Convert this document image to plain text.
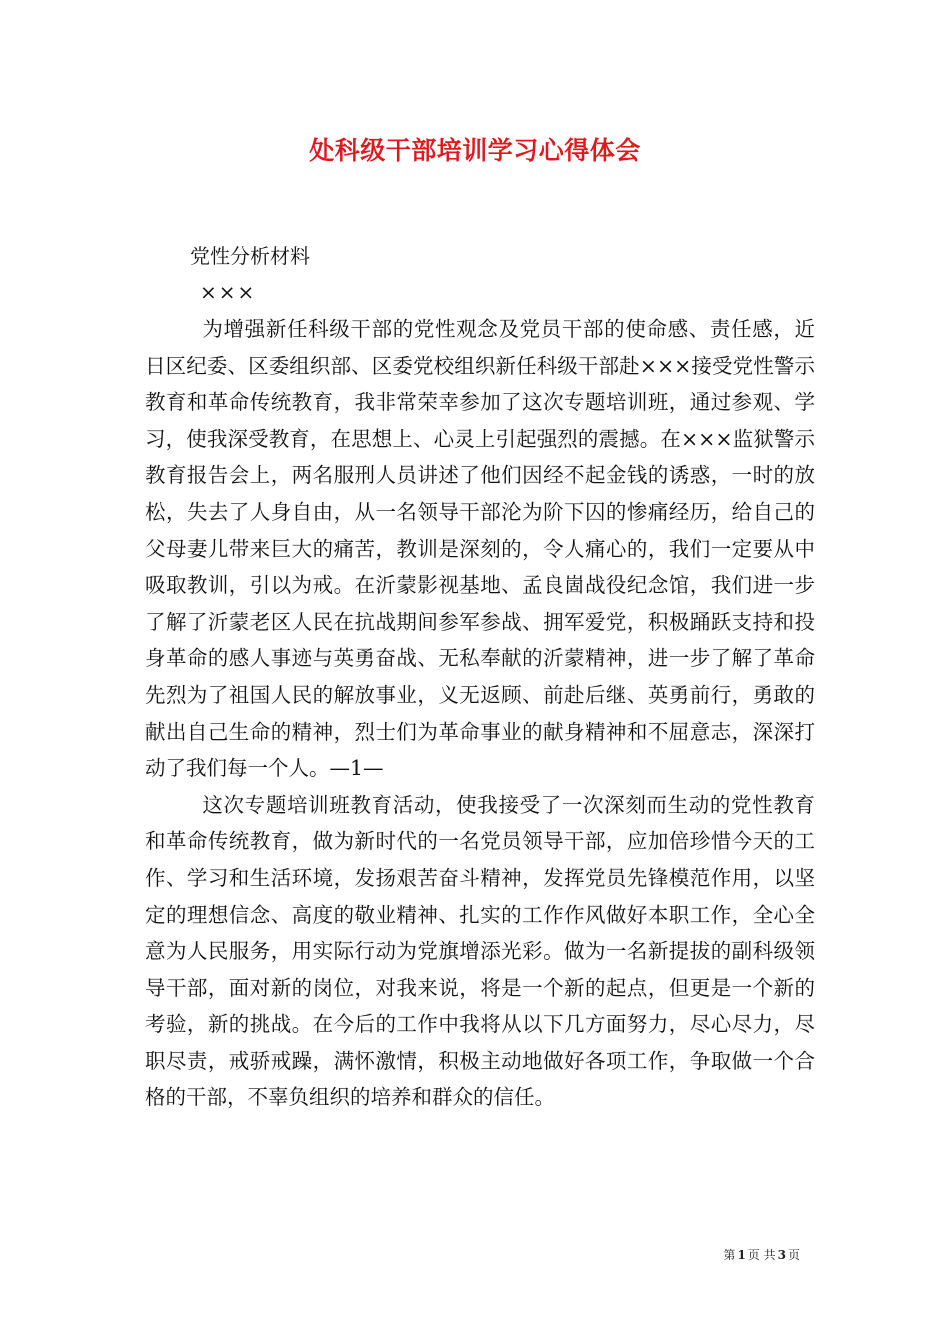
处科级干部培训学习心得体会
党性分析材料
×××

为增强新任科级干部的党性观念及党员干部的使命感、责任感，近日区纪委、区委组织部、区委党校组织新任科级干部赴×××接受党性警示教育和革命传统教育，我非常荣幸参加了这次专题培训班，通过参观、学习，使我深受教育，在思想上、心灵上引起强烈的震撼。在×××监狱警示教育报告会上，两名服刑人员讲述了他们因经不起金钱的诱惑，一时的放松，失去了人身自由，从一名领导干部沦为阶下囚的惨痛经历，给自己的父母妻儿带来巨大的痛苦，教训是深刻的，令人痛心的，我们一定要从中吸取教训，引以为戒。在沂蒙影视基地、孟良崮战役纪念馆，我们进一步了解了沂蒙老区人民在抗战期间参军参战、拥军爱党，积极踊跃支持和投身革命的感人事迹与英勇奋战、无私奉献的沂蒙精神，进一步了解了革命先烈为了祖国人民的解放事业，义无返顾、前赴后继、英勇前行，勇敢的献出自己生命的精神，烈士们为革命事业的献身精神和不屈意志，深深打动了我们每一个人。—1—

这次专题培训班教育活动，使我接受了一次深刻而生动的党性教育和革命传统教育，做为新时代的一名党员领导干部，应加倍珍惜今天的工作、学习和生活环境，发扬艰苦奋斗精神，发挥党员先锋模范作用，以坚定的理想信念、高度的敬业精神、扎实的工作作风做好本职工作，全心全意为人民服务，用实际行动为党旗增添光彩。做为一名新提拔的副科级领导干部，面对新的岗位，对我来说，将是一个新的起点，但更是一个新的考验，新的挑战。在今后的工作中我将从以下几方面努力，尽心尽力，尽职尽责，戒骄戒躁，满怀激情，积极主动地做好各项工作，争取做一个合格的干部，不辜负组织的培养和群众的信任。

第 1 页 共 3 页
